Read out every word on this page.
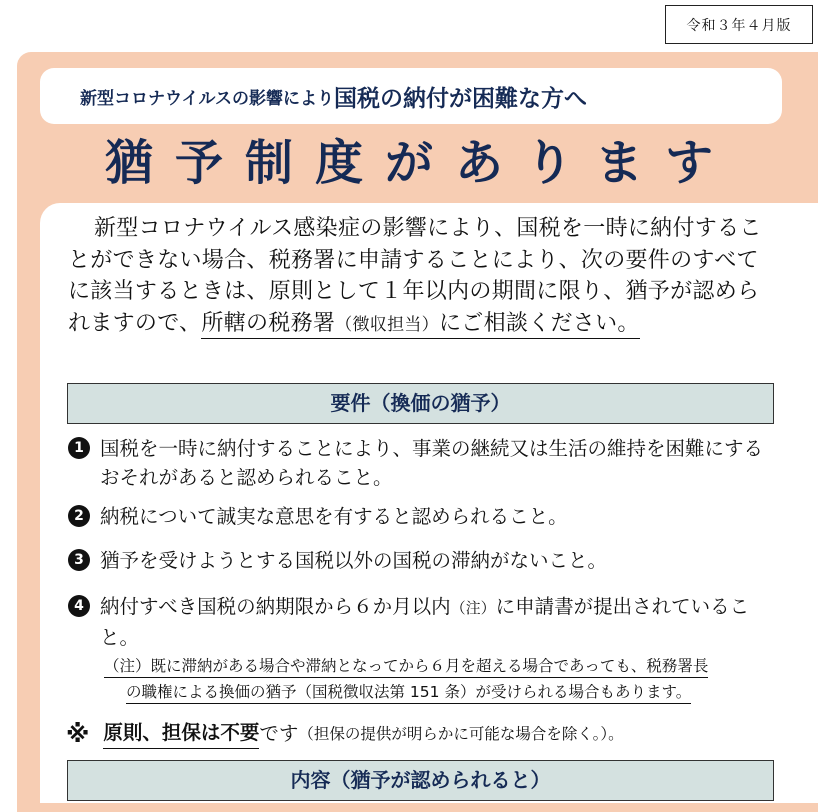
令和３年４月版
新型コロナウイルスの影響により 国税の納付が困難な方へ
猶予制度があります
新型コロナウイルス感染症の影響により、国税を一時に納付することができない場合、税務署に申請することにより、次の要件のすべてに該当するときは、原則として１年以内の期間に限り、猶予が認められますので、所轄の税務署（徴収担当）にご相談ください。
要件（換価の猶予）
1 国税を一時に納付することにより、事業の継続又は生活の維持を困難にするおそれがあると認められること。
2 納税について誠実な意思を有すると認められること。
3 猶予を受けようとする国税以外の国税の滞納がないこと。
4 納付すべき国税の納期限から６か月以内（注）に申請書が提出されていること。
（注）既に滞納がある場合や滞納となってから６月を超える場合であっても、税務署長
の職権による換価の猶予（国税徴収法第 151 条）が受けられる場合もあります。
※ 原則、担保は不要 です （担保の提供が明らかに可能な場合を除く。）。
内容（猶予が認められると）
